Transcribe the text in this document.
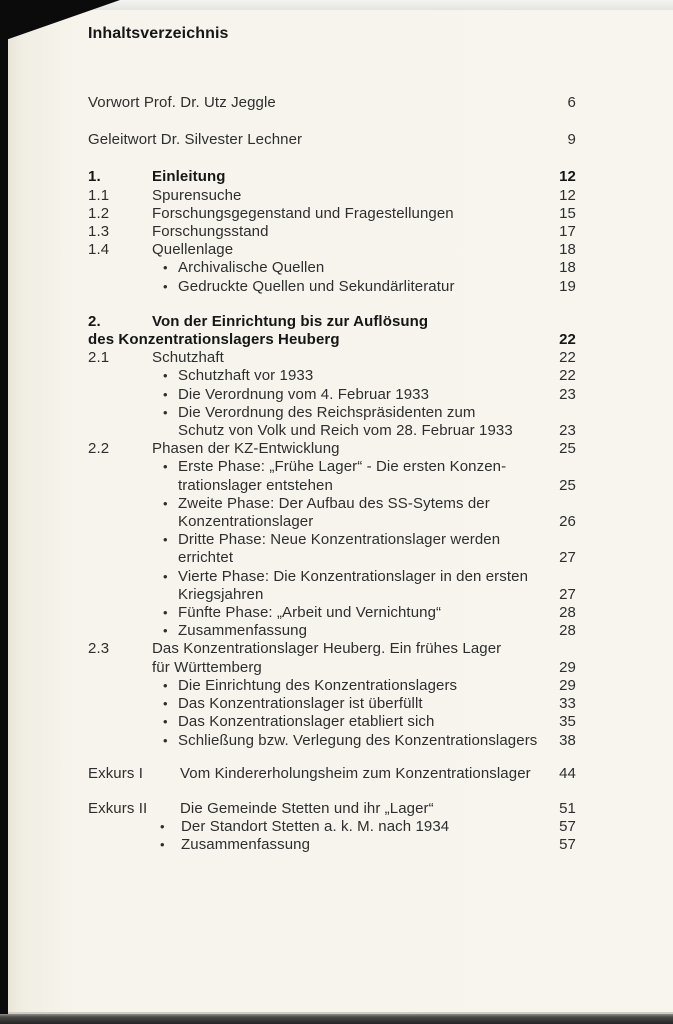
Inhaltsverzeichnis
Vorwort Prof. Dr. Utz Jeggle	6
Geleitwort Dr. Silvester Lechner	9
1.	Einleitung	12
1.1	Spurensuche	12
1.2	Forschungsgegenstand und Fragestellungen	15
1.3	Forschungsstand	17
1.4	Quellenlage	18
• Archivalische Quellen	18
• Gedruckte Quellen und Sekundärliteratur	19
2.	Von der Einrichtung bis zur Auflösung
des Konzentrationslagers Heuberg	22
2.1	Schutzhaft	22
• Schutzhaft vor 1933	22
• Die Verordnung vom 4. Februar 1933	23
• Die Verordnung des Reichspräsidenten zum
Schutz von Volk und Reich vom 28. Februar 1933	23
2.2	Phasen der KZ-Entwicklung	25
• Erste Phase: „Frühe Lager“ - Die ersten Konzen-
trationslager entstehen	25
• Zweite Phase: Der Aufbau des SS-Sytems der
Konzentrationslager	26
• Dritte Phase: Neue Konzentrationslager werden
errichtet	27
• Vierte Phase: Die Konzentrationslager in den ersten
Kriegsjahren	27
• Fünfte Phase: „Arbeit und Vernichtung“	28
• Zusammenfassung	28
2.3	Das Konzentrationslager Heuberg. Ein frühes Lager
für Württemberg	29
• Die Einrichtung des Konzentrationslagers	29
• Das Konzentrationslager ist überfüllt	33
• Das Konzentrationslager etabliert sich	35
• Schließung bzw. Verlegung des Konzentrationslagers	38
Exkurs I	Vom Kindererholungsheim zum Konzentrationslager	44
Exkurs II	Die Gemeinde Stetten und ihr „Lager“	51
•	Der Standort Stetten a. k. M. nach 1934	57
•	Zusammenfassung	57
